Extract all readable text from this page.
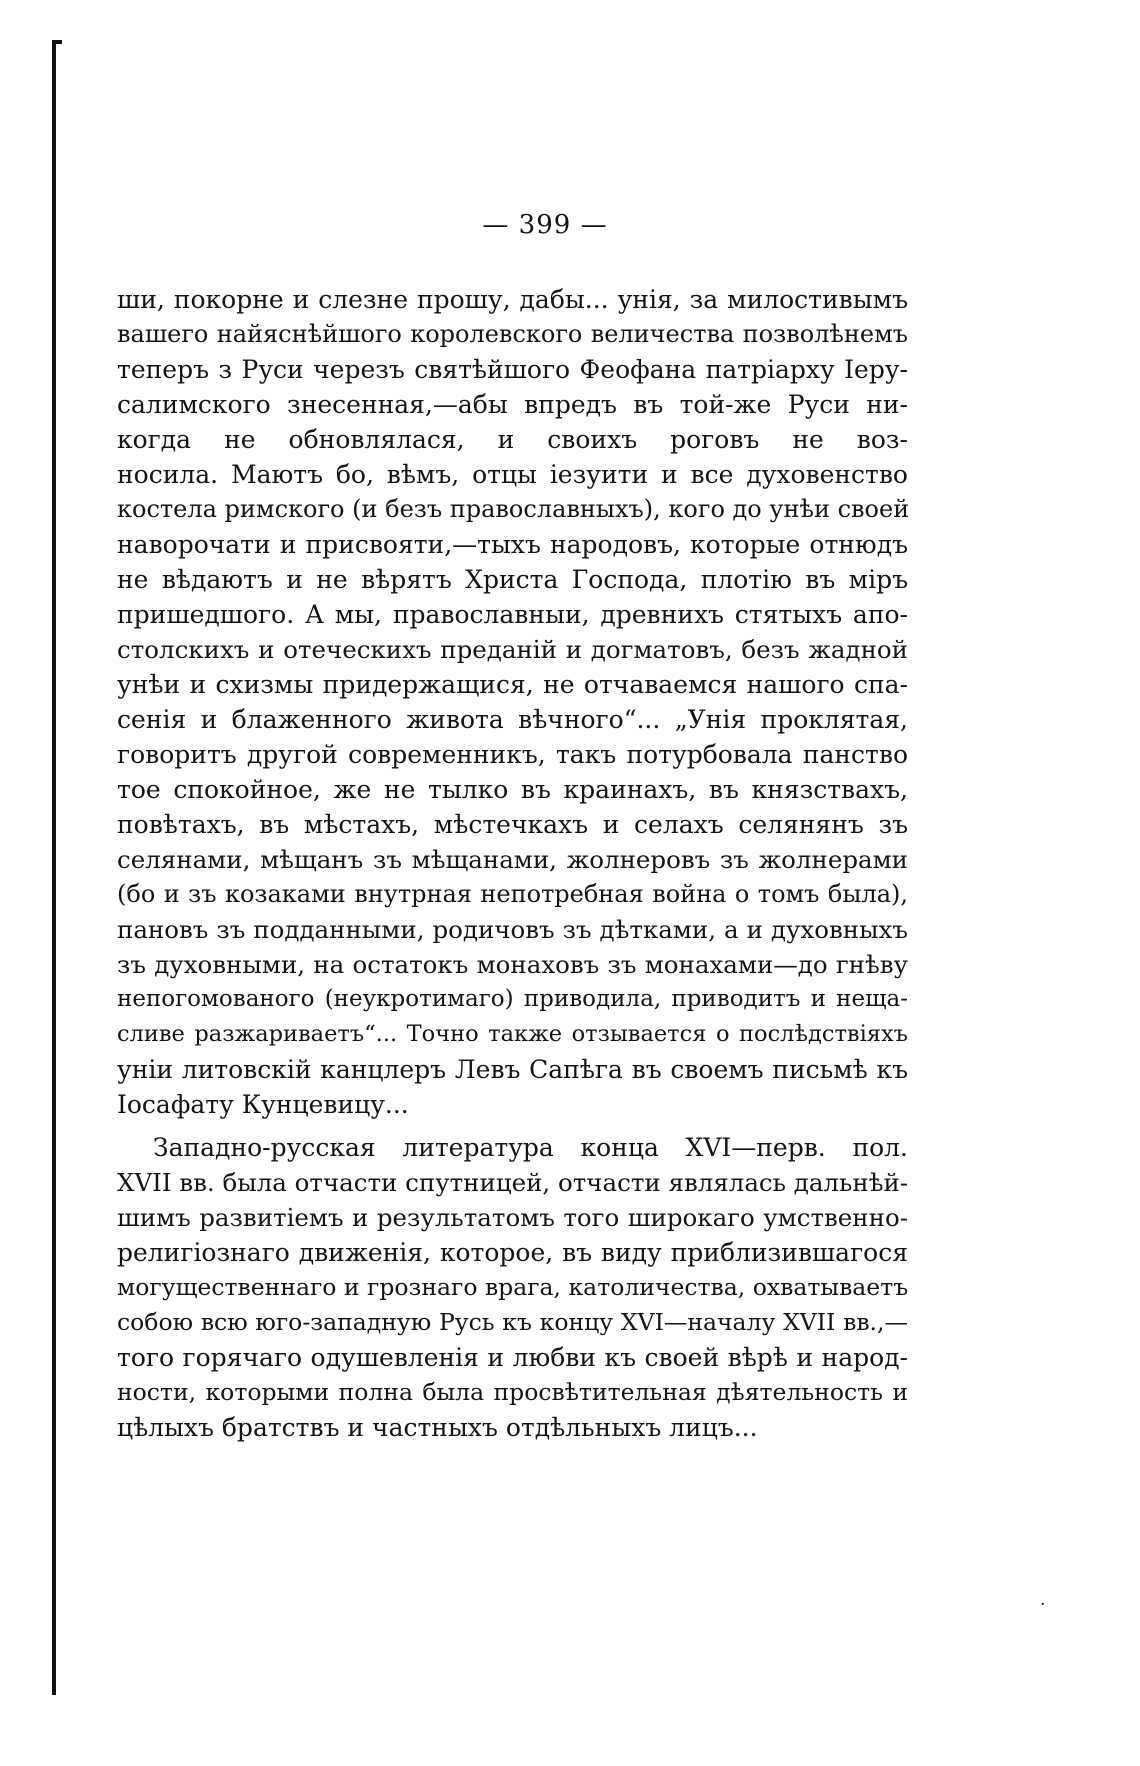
— 399 —
ши, покорне и слезне прошу, дабы... унія, за милостивымъ
вашего найяснѣйшого королевского величества позволѣнемъ
теперъ з Руси черезъ святѣйшого Феофана патріарху Іеру-
салимского знесенная,—абы впредъ въ той-же Руси ни-
когда не обновлялася, и своихъ роговъ не воз-
носила. Маютъ бо, вѣмъ, отцы іезуити и все духовенство
костела римского (и безъ православныхъ), кого до унѣи своей
наворочати и присвояти,—тыхъ народовъ, которые отнюдъ
не вѣдаютъ и не вѣрятъ Христа Господа, плотію въ міръ
пришедшого. А мы, православныи, древнихъ стятыхъ апо-
столскихъ и отеческихъ преданій и догматовъ, безъ жадной
унѣи и схизмы придержащися, не отчаваемся нашого спа-
сенія и блаженного живота вѣчного“... „Унія проклятая,
говоритъ другой современникъ, такъ потурбовала панство
тое спокойное, же не тылко въ краинахъ, въ князствахъ,
повѣтахъ, въ мѣстахъ, мѣстечкахъ и селахъ селянянъ зъ
селянами, мѣщанъ зъ мѣщанами, жолнеровъ зъ жолнерами
(бо и зъ козаками внутрная непотребная война о томъ была),
пановъ зъ подданными, родичовъ зъ дѣтками, а и духовныхъ
зъ духовными, на остатокъ монаховъ зъ монахами—до гнѣву
непогомованого (неукротимаго) приводила, приводитъ и неща-
сливе разжариваетъ“... Точно также отзывается о послѣдствіяхъ
уніи литовскій канцлеръ Левъ Сапѣга въ своемъ письмѣ къ
Іосафату Кунцевицу...
Западно-русская литература конца XVI—перв. пол.
XVII вв. была отчасти спутницей, отчасти являлась дальнѣй-
шимъ развитіемъ и результатомъ того широкаго умственно-
религіознаго движенія, которое, въ виду приблизившагося
могущественнаго и грознаго врага, католичества, охватываетъ
собою всю юго-западную Русь къ концу XVI—началу XVII вв.,—
того горячаго одушевленія и любви къ своей вѣрѣ и народ-
ности, которыми полна была просвѣтительная дѣятельность и
цѣлыхъ братствъ и частныхъ отдѣльныхъ лицъ...
·
